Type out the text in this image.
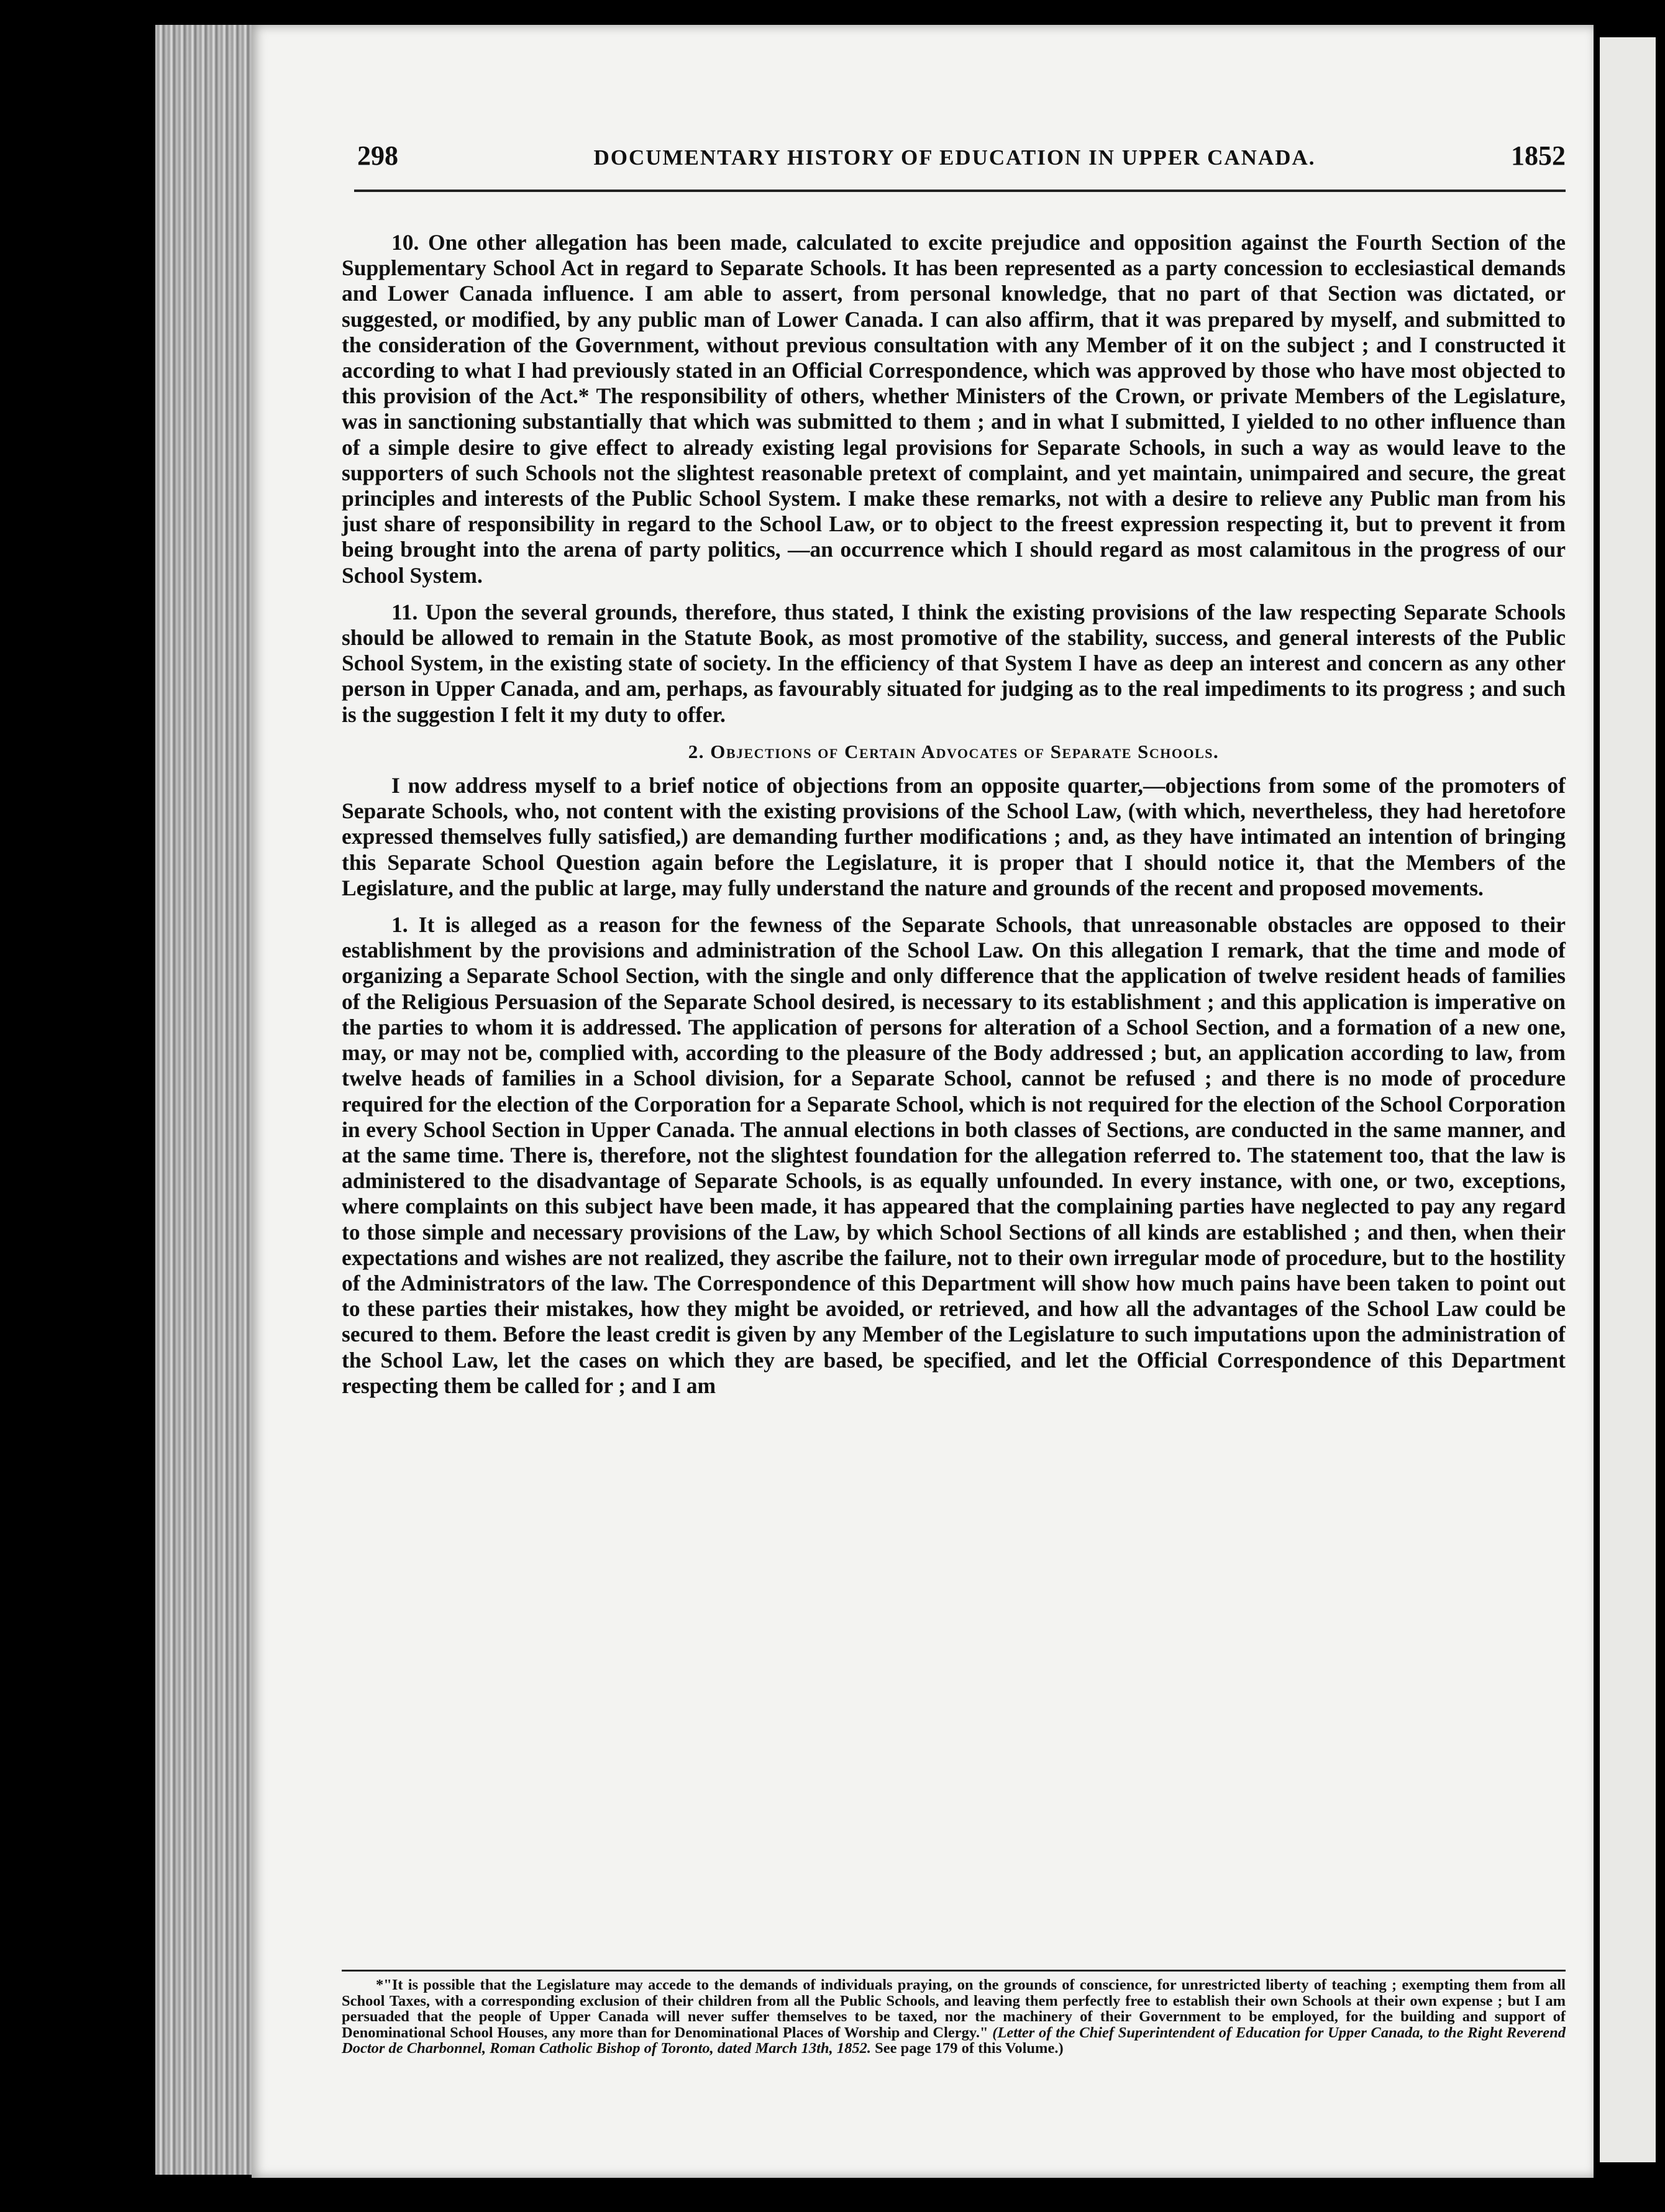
298	DOCUMENTARY HISTORY OF EDUCATION IN UPPER CANADA.	1852

10. One other allegation has been made, calculated to excite prejudice and opposition against the Fourth Section of the Supplementary School Act in regard to Separate Schools. It has been represented as a party concession to ecclesiastical demands and Lower Canada influence. I am able to assert, from personal knowledge, that no part of that Section was dictated, or suggested, or modified, by any public man of Lower Canada. I can also affirm, that it was prepared by myself, and submitted to the consideration of the Government, without previous consultation with any Member of it on the subject ; and I constructed it according to what I had previously stated in an Official Correspondence, which was approved by those who have most objected to this provision of the Act.* The responsibility of others, whether Ministers of the Crown, or private Members of the Legislature, was in sanctioning substantially that which was submitted to them ; and in what I submitted, I yielded to no other influence than of a simple desire to give effect to already existing legal provisions for Separate Schools, in such a way as would leave to the supporters of such Schools not the slightest reasonable pretext of complaint, and yet maintain, unimpaired and secure, the great principles and interests of the Public School System. I make these remarks, not with a desire to relieve any Public man from his just share of responsibility in regard to the School Law, or to object to the freest expression respecting it, but to prevent it from being brought into the arena of party politics, —an occurrence which I should regard as most calamitous in the progress of our School System.

11. Upon the several grounds, therefore, thus stated, I think the existing provisions of the law respecting Separate Schools should be allowed to remain in the Statute Book, as most promotive of the stability, success, and general interests of the Public School System, in the existing state of society. In the efficiency of that System I have as deep an interest and concern as any other person in Upper Canada, and am, perhaps, as favourably situated for judging as to the real impediments to its progress ; and such is the suggestion I felt it my duty to offer.

2. Objections of Certain Advocates of Separate Schools.

I now address myself to a brief notice of objections from an opposite quarter,—objections from some of the promoters of Separate Schools, who, not content with the existing provisions of the School Law, (with which, nevertheless, they had heretofore expressed themselves fully satisfied,) are demanding further modifications ; and, as they have intimated an intention of bringing this Separate School Question again before the Legislature, it is proper that I should notice it, that the Members of the Legislature, and the public at large, may fully understand the nature and grounds of the recent and proposed movements.

1. It is alleged as a reason for the fewness of the Separate Schools, that unreasonable obstacles are opposed to their establishment by the provisions and administration of the School Law. On this allegation I remark, that the time and mode of organizing a Separate School Section, with the single and only difference that the application of twelve resident heads of families of the Religious Persuasion of the Separate School desired, is necessary to its establishment ; and this application is imperative on the parties to whom it is addressed. The application of persons for alteration of a School Section, and a formation of a new one, may, or may not be, complied with, according to the pleasure of the Body addressed ; but, an application according to law, from twelve heads of families in a School division, for a Separate School, cannot be refused ; and there is no mode of procedure required for the election of the Corporation for a Separate School, which is not required for the election of the School Corporation in every School Section in Upper Canada. The annual elections in both classes of Sections, are conducted in the same manner, and at the same time. There is, therefore, not the slightest foundation for the allegation referred to. The statement too, that the law is administered to the disadvantage of Separate Schools, is as equally unfounded. In every instance, with one, or two, exceptions, where complaints on this subject have been made, it has appeared that the complaining parties have neglected to pay any regard to those simple and necessary provisions of the Law, by which School Sections of all kinds are established ; and then, when their expectations and wishes are not realized, they ascribe the failure, not to their own irregular mode of procedure, but to the hostility of the Administrators of the law. The Correspondence of this Department will show how much pains have been taken to point out to these parties their mistakes, how they might be avoided, or retrieved, and how all the advantages of the School Law could be secured to them. Before the least credit is given by any Member of the Legislature to such imputations upon the administration of the School Law, let the cases on which they are based, be specified, and let the Official Correspondence of this Department respecting them be called for ; and I am

*"It is possible that the Legislature may accede to the demands of individuals praying, on the grounds of conscience, for unrestricted liberty of teaching ; exempting them from all School Taxes, with a corresponding exclusion of their children from all the Public Schools, and leaving them perfectly free to establish their own Schools at their own expense ; but I am persuaded that the people of Upper Canada will never suffer themselves to be taxed, nor the machinery of their Government to be employed, for the building and support of Denominational School Houses, any more than for Denominational Places of Worship and Clergy." (Letter of the Chief Superintendent of Education for Upper Canada, to the Right Reverend Doctor de Charbonnel, Roman Catholic Bishop of Toronto, dated March 13th, 1852. See page 179 of this Volume.)
